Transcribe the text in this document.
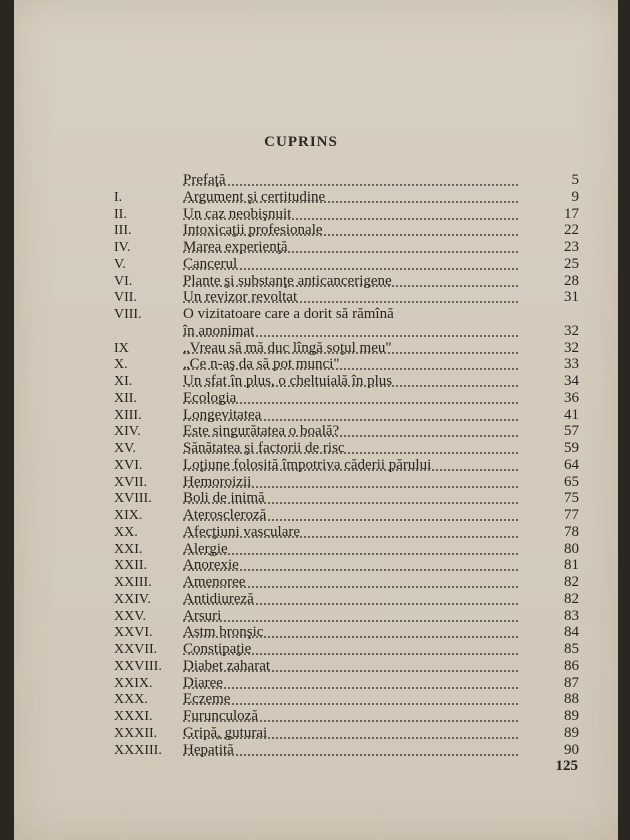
CUPRINS
Prefaţă	5
I.	Argument şi certitudine	9
II.	Un caz neobişnuit	17
III.	Intoxicaţii profesionale	22
IV.	Marea experienţă	23
V.	Cancerul	25
VI.	Plante şi substanţe anticancerigene	28
VII.	Un revizor revoltat	31
VIII.	O vizitatoare care a dorit să rămînă
în anonimat	32
IX	„Vreau să mă duc lîngă soţul meu"	32
X.	„Ce n-aş da să pot munci"	33
XI.	Un sfat în plus, o cheltuială în plus	34
XII.	Ecologia	36
XIII.	Longevitatea	41
XIV.	Este singurătatea o boală?	57
XV.	Sănătatea şi factorii de risc	59
XVI.	Loţiune folosită împotriva căderii părului	64
XVII.	Hemoroizii	65
XVIII.	Boli de inimă	75
XIX.	Ateroscleroză	77
XX.	Afecţiuni vasculare	78
XXI.	Alergie	80
XXII.	Anorexie	81
XXIII.	Amenoree	82
XXIV.	Antidiureză	82
XXV.	Arsuri	83
XXVI.	Astm bronşic	84
XXVII.	Constipaţie	85
XXVIII.	Diabet zaharat	86
XXIX.	Diaree	87
XXX.	Eczeme	88
XXXI.	Furunculoză	89
XXXII.	Gripă, guturai	89
XXXIII.	Hepatită	90
125
